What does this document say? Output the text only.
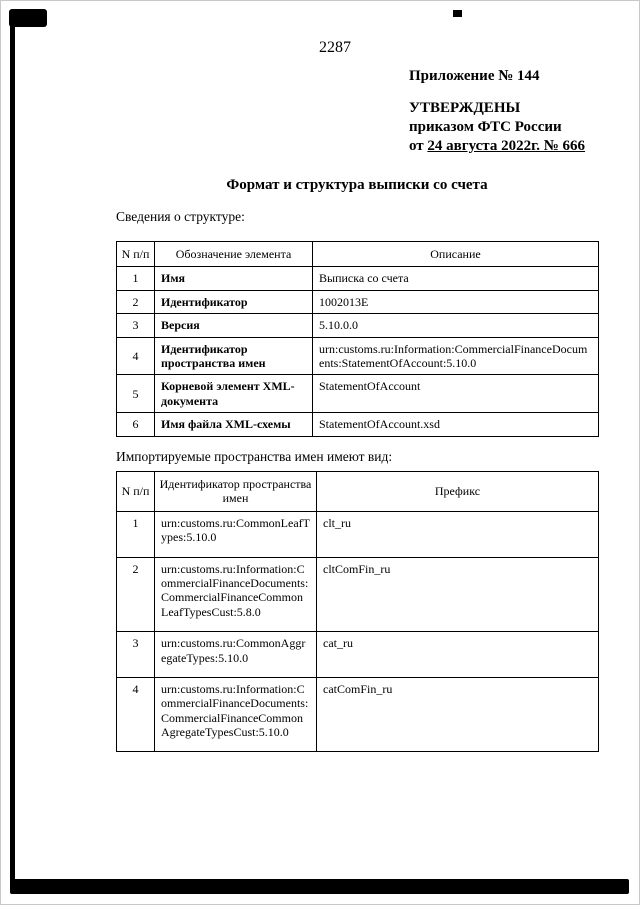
2287
Приложение № 144
УТВЕРЖДЕНЫ
приказом ФТС России
от 24 августа 2022г. № 666
Формат и структура выписки со счета
Сведения о структуре:
N п/п	Обозначение элемента	Описание
1	Имя	Выписка со счета
2	Идентификатор	1002013E
3	Версия	5.10.0.0
4	Идентификатор пространства имен	urn:customs.ru:Information:CommercialFinanceDocuments:StatementOfAccount:5.10.0
5	Корневой элемент XML-документа	StatementOfAccount
6	Имя файла XML-схемы	StatementOfAccount.xsd
Импортируемые пространства имен имеют вид:
N п/п	Идентификатор пространства имен	Префикс
1	urn:customs.ru:CommonLeafTypes:5.10.0	clt_ru
2	urn:customs.ru:Information:CommercialFinanceDocuments:CommercialFinanceCommonLeafTypesCust:5.8.0	cltComFin_ru
3	urn:customs.ru:CommonAggregateTypes:5.10.0	cat_ru
4	urn:customs.ru:Information:CommercialFinanceDocuments:CommercialFinanceCommonAgregateTypesCust:5.10.0	catComFin_ru
